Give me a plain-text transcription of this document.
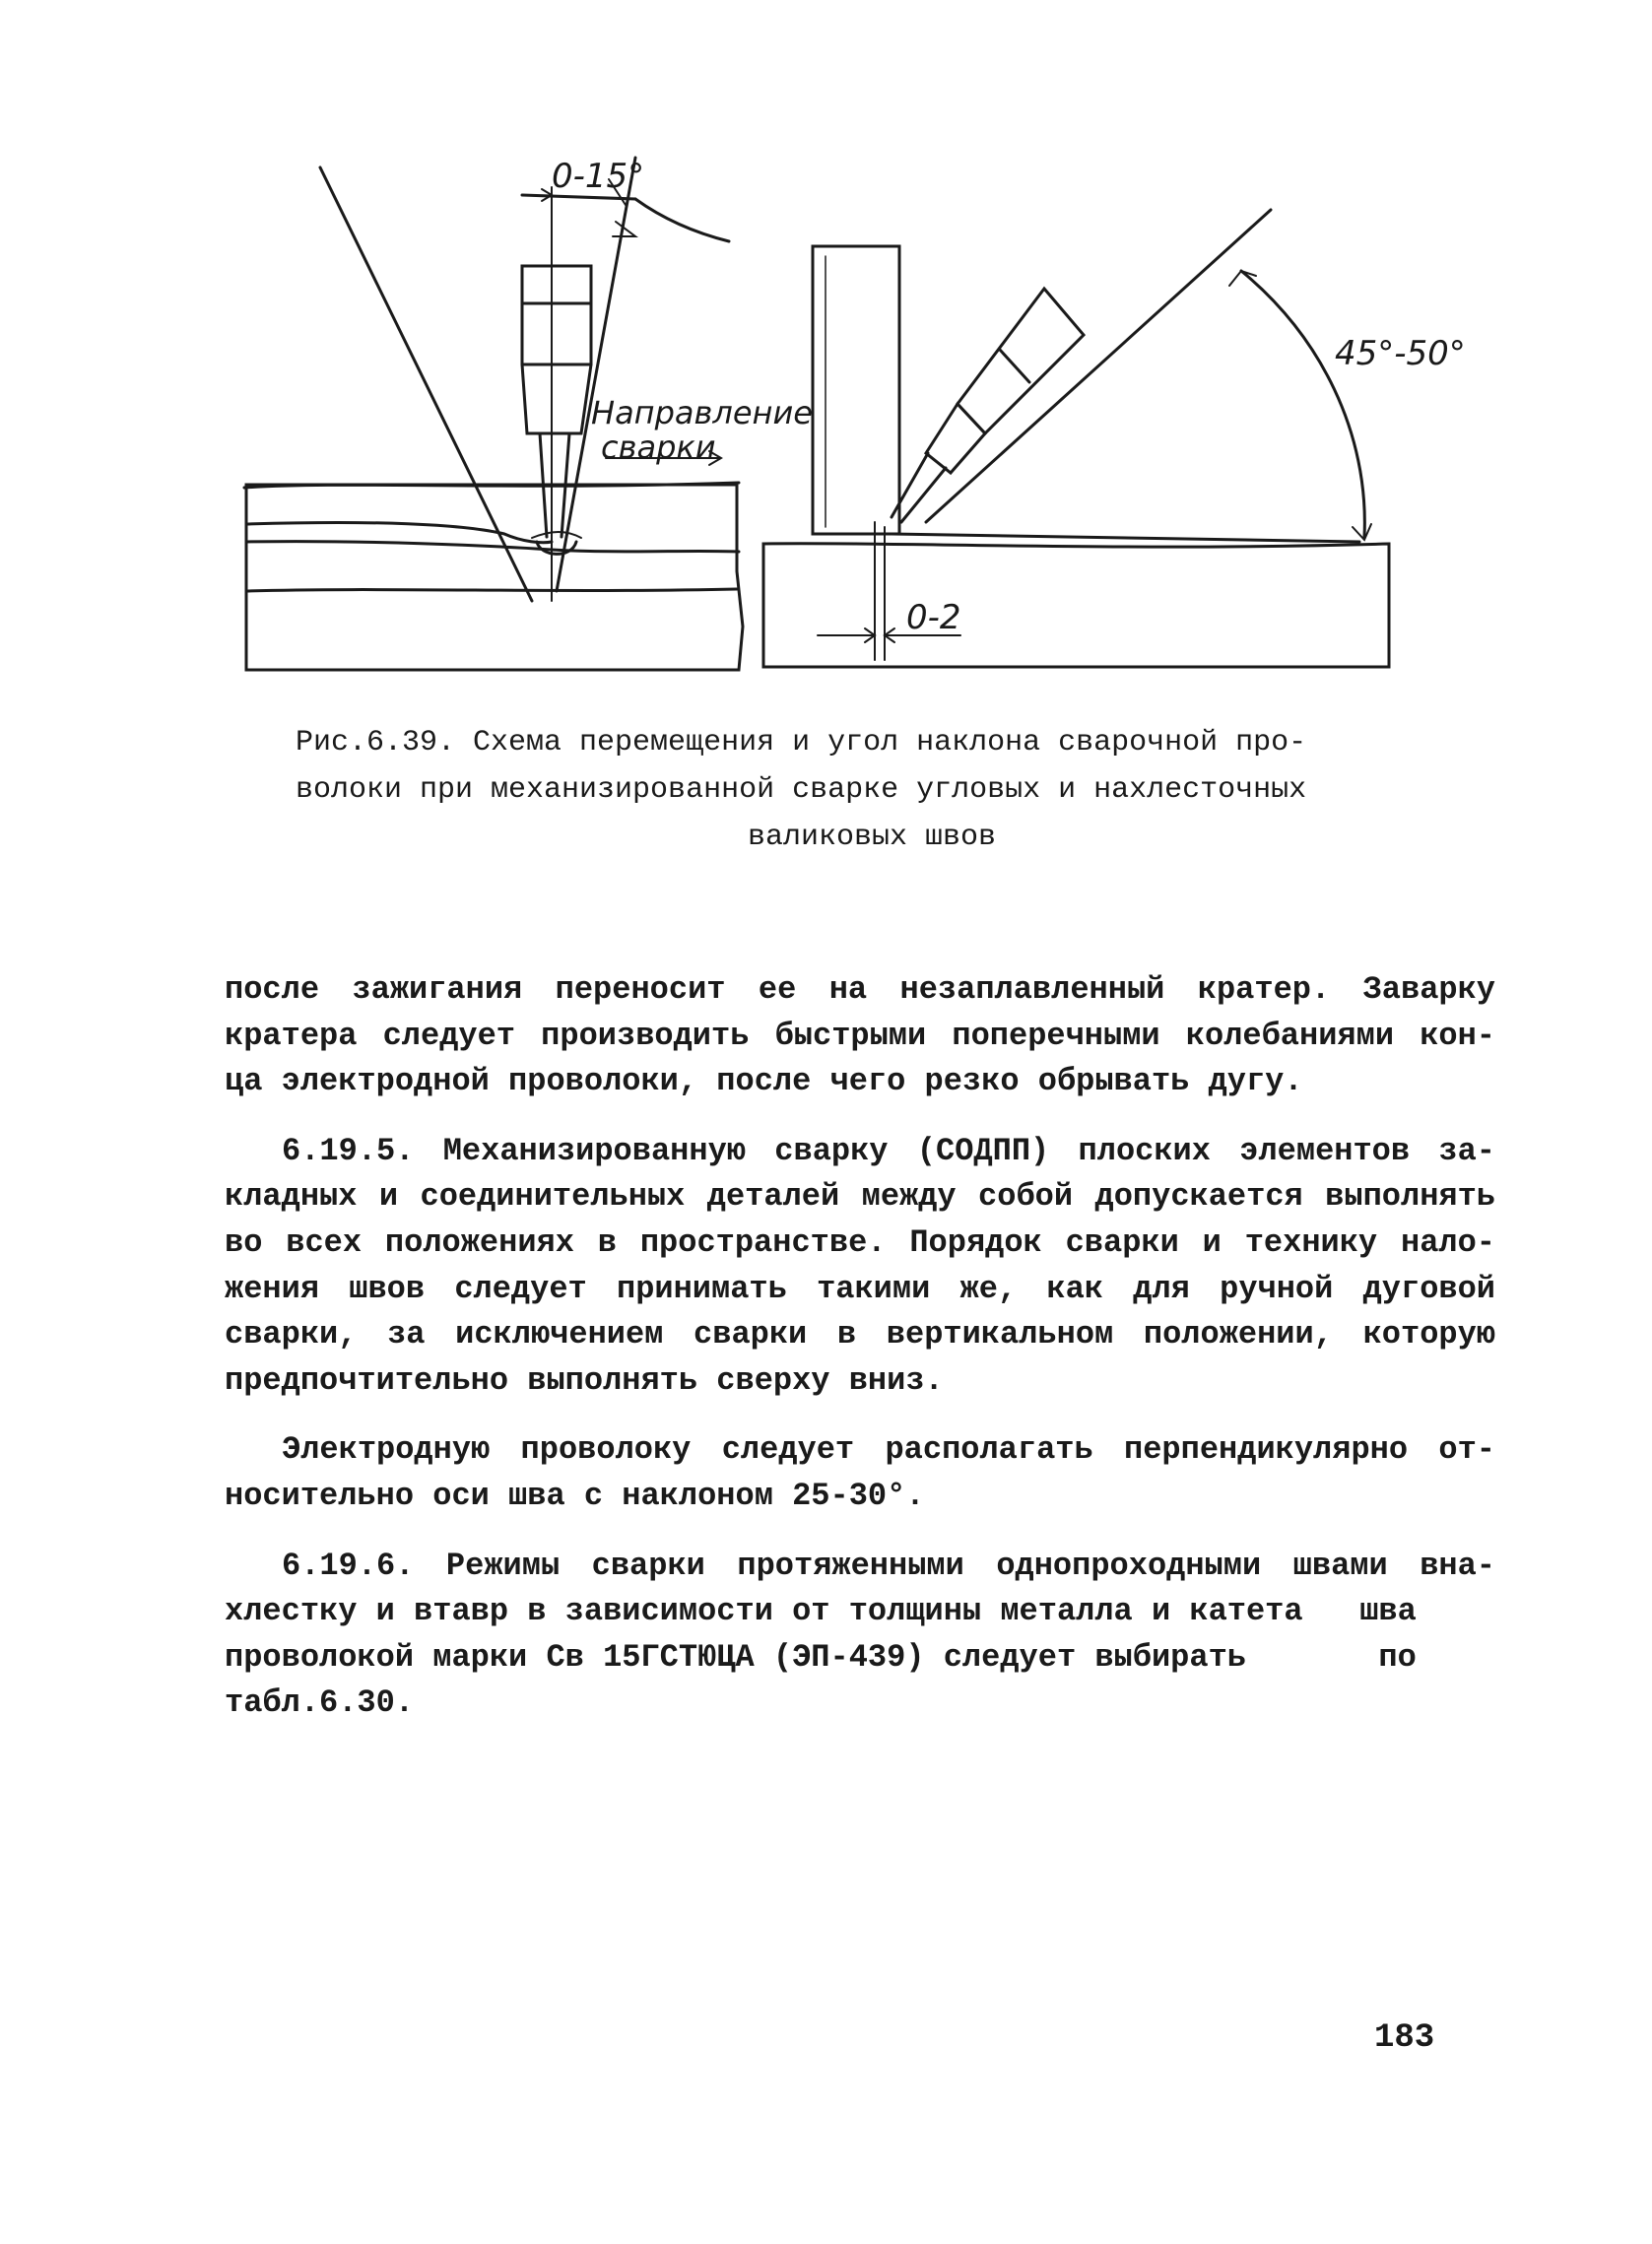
0-15°
Направление
сварки
45°-50°
0-2
Рис.6.39. Схема перемещения и угол наклона сварочной про-
волоки при механизированной сварке угловых и нахлесточных
валиковых швов
после зажигания переносит ее на незаплавленный кратер. Заварку
кратера следует производить быстрыми поперечными колебаниями кон-
ца электродной проволоки, после чего резко обрывать дугу.
6.19.5. Механизированную сварку (СОДПП) плоских элементов за-
кладных и соединительных деталей между собой допускается выполнять
во всех положениях в пространстве. Порядок сварки и технику нало-
жения швов следует принимать такими же, как для ручной дуговой
сварки, за исключением сварки в вертикальном положении, которую
предпочтительно выполнять сверху вниз.
Электродную проволоку следует располагать перпендикулярно от-
носительно оси шва с наклоном 25-30°.
6.19.6. Режимы сварки протяженными однопроходными швами вна-
хлестку и втавр в зависимости от толщины металла и катета   шва
проволокой марки Св 15ГСТЮЦА (ЭП-439) следует выбирать       по
табл.6.30.
183
